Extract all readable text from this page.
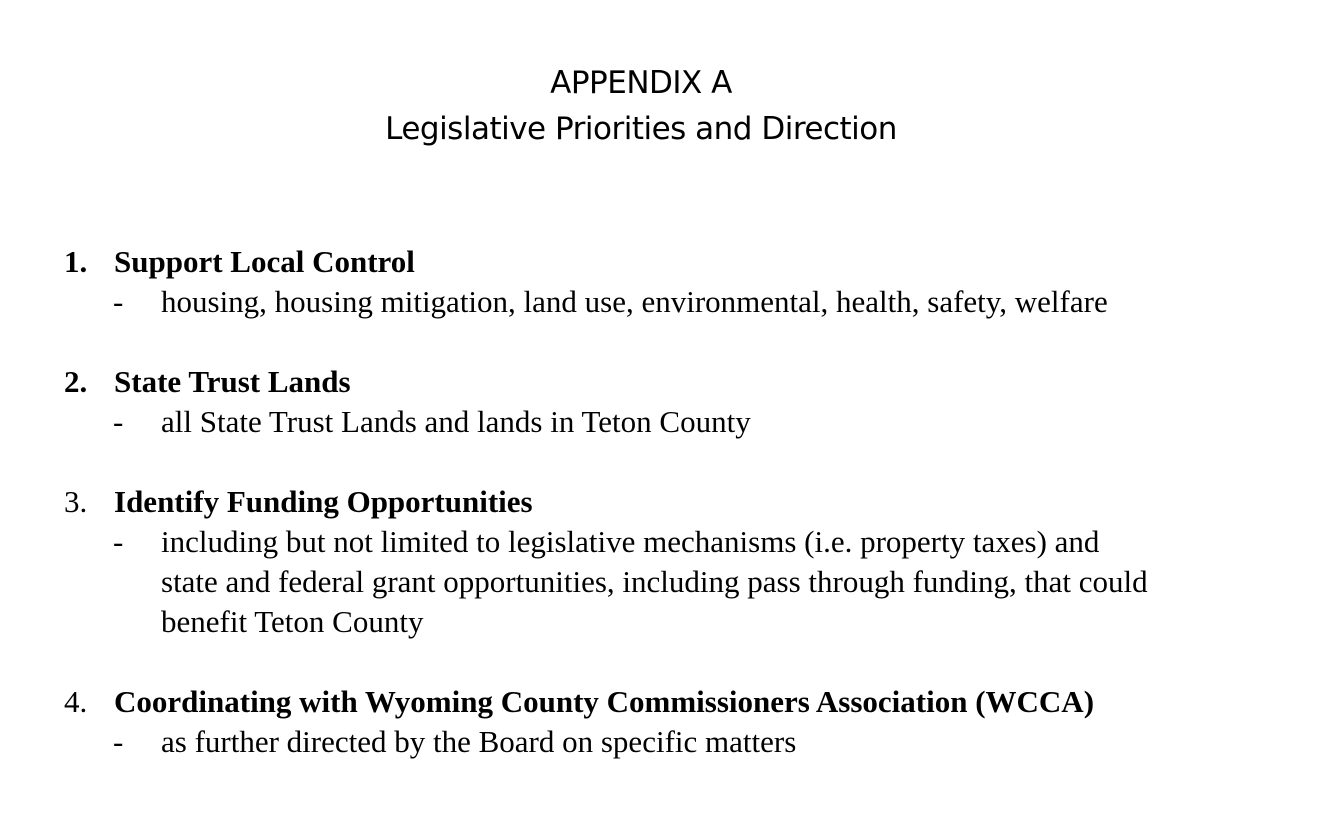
APPENDIX A
Legislative Priorities and Direction
1. Support Local Control
- housing, housing mitigation, land use, environmental, health, safety, welfare
2. State Trust Lands
- all State Trust Lands and lands in Teton County
3. Identify Funding Opportunities
- including but not limited to legislative mechanisms (i.e. property taxes) and
state and federal grant opportunities, including pass through funding, that could
benefit Teton County
4. Coordinating with Wyoming County Commissioners Association (WCCA)
- as further directed by the Board on specific matters
